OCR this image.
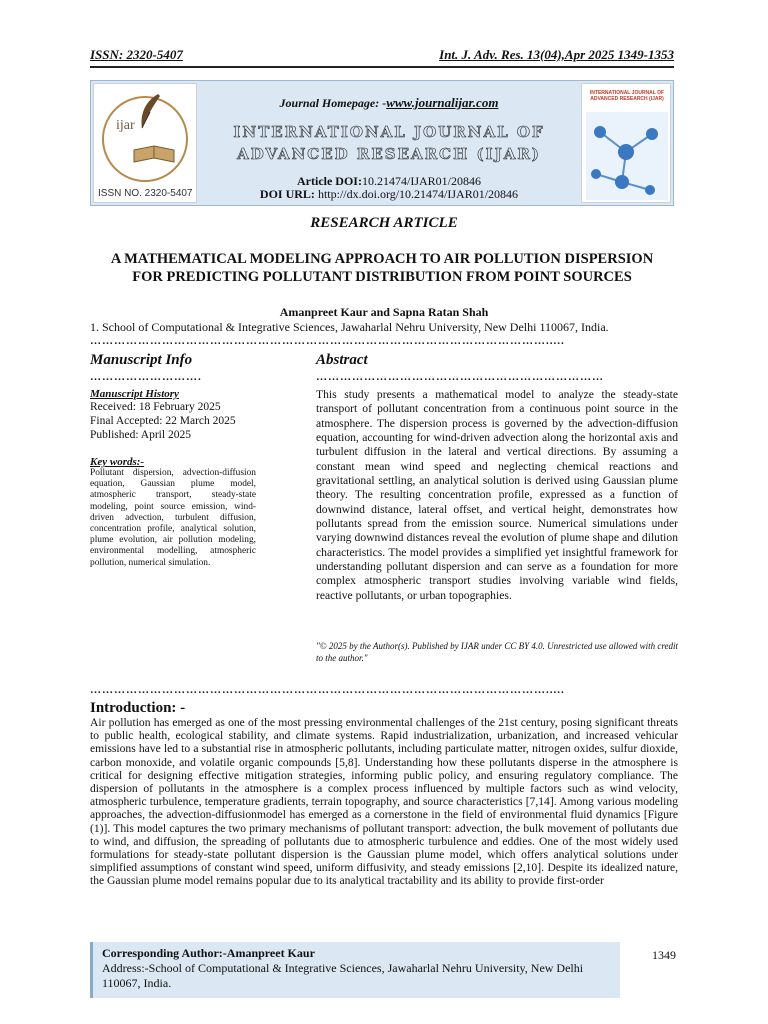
ISSN: 2320-5407	Int. J. Adv. Res. 13(04),Apr 2025 1349-1353
ijar
ISSN NO. 2320-5407
Journal Homepage: -www.journalijar.com
INTERNATIONAL JOURNAL OF
ADVANCED RESEARCH (IJAR)
Article DOI:10.21474/IJAR01/20846
DOI URL: http://dx.doi.org/10.21474/IJAR01/20846
INTERNATIONAL JOURNAL OF ADVANCED RESEARCH (IJAR)
RESEARCH ARTICLE
A MATHEMATICAL MODELING APPROACH TO AIR POLLUTION DISPERSION
FOR PREDICTING POLLUTANT DISTRIBUTION FROM POINT SOURCES
Amanpreet Kaur and Sapna Ratan Shah
1. School of Computational & Integrative Sciences, Jawaharlal Nehru University, New Delhi 110067, India.
…………………………………………………………………………………………………….....
Manuscript Info	Abstract
……………………….	………………………………………………………………
Manuscript History
Received: 18 February 2025
Final Accepted: 22 March 2025
Published: April 2025
Key words:-
Pollutant dispersion, advection-diffusion equation, Gaussian plume model, atmospheric transport, steady-state modeling, point source emission, wind-driven advection, turbulent diffusion, concentration profile, analytical solution, plume evolution, air pollution modeling, environmental modelling, atmospheric pollution, numerical simulation.
This study presents a mathematical model to analyze the steady-state transport of pollutant concentration from a continuous point source in the atmosphere. The dispersion process is governed by the advection-diffusion equation, accounting for wind-driven advection along the horizontal axis and turbulent diffusion in the lateral and vertical directions. By assuming a constant mean wind speed and neglecting chemical reactions and gravitational settling, an analytical solution is derived using Gaussian plume theory. The resulting concentration profile, expressed as a function of downwind distance, lateral offset, and vertical height, demonstrates how pollutants spread from the emission source. Numerical simulations under varying downwind distances reveal the evolution of plume shape and dilution characteristics. The model provides a simplified yet insightful framework for understanding pollutant dispersion and can serve as a foundation for more complex atmospheric transport studies involving variable wind fields, reactive pollutants, or urban topographies.
"© 2025 by the Author(s). Published by IJAR under CC BY 4.0. Unrestricted use allowed with credit to the author."
…………………………………………………………………………………………………….....
Introduction: -
Air pollution has emerged as one of the most pressing environmental challenges of the 21st century, posing significant threats to public health, ecological stability, and climate systems. Rapid industrialization, urbanization, and increased vehicular emissions have led to a substantial rise in atmospheric pollutants, including particulate matter, nitrogen oxides, sulfur dioxide, carbon monoxide, and volatile organic compounds [5,8]. Understanding how these pollutants disperse in the atmosphere is critical for designing effective mitigation strategies, informing public policy, and ensuring regulatory compliance. The dispersion of pollutants in the atmosphere is a complex process influenced by multiple factors such as wind velocity, atmospheric turbulence, temperature gradients, terrain topography, and source characteristics [7,14]. Among various modeling approaches, the advection-diffusionmodel has emerged as a cornerstone in the field of environmental fluid dynamics [Figure (1)]. This model captures the two primary mechanisms of pollutant transport: advection, the bulk movement of pollutants due to wind, and diffusion, the spreading of pollutants due to atmospheric turbulence and eddies. One of the most widely used formulations for steady-state pollutant dispersion is the Gaussian plume model, which offers analytical solutions under simplified assumptions of constant wind speed, uniform diffusivity, and steady emissions [2,10]. Despite its idealized nature, the Gaussian plume model remains popular due to its analytical tractability and its ability to provide first-order
Corresponding Author:-Amanpreet Kaur
Address:-School of Computational & Integrative Sciences, Jawaharlal Nehru University, New Delhi 110067, India.
1349
